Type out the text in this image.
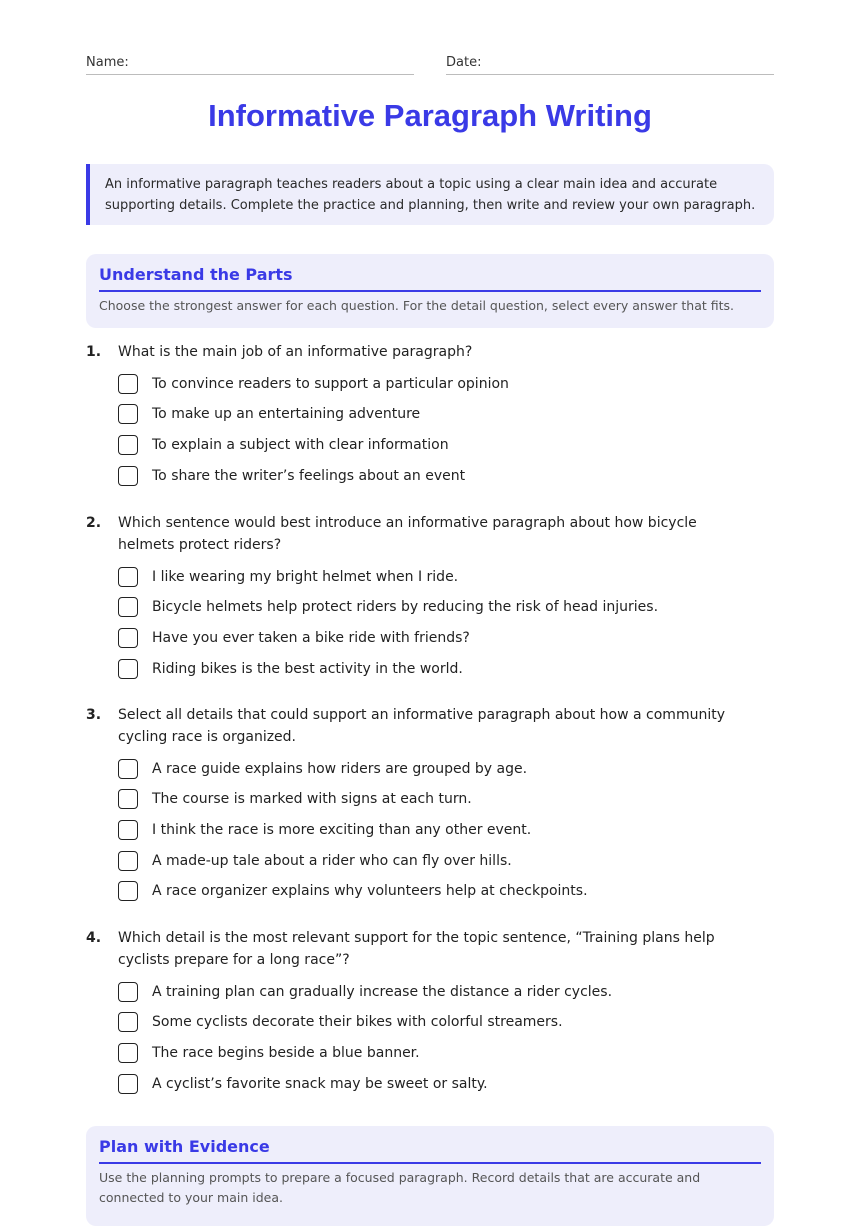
Name:	Date:
Informative Paragraph Writing
An informative paragraph teaches readers about a topic using a clear main idea and accurate supporting details. Complete the practice and planning, then write and review your own paragraph.
Understand the Parts
Choose the strongest answer for each question. For the detail question, select every answer that fits.
1.	What is the main job of an informative paragraph?
To convince readers to support a particular opinion
To make up an entertaining adventure
To explain a subject with clear information
To share the writer’s feelings about an event
2.	Which sentence would best introduce an informative paragraph about how bicycle helmets protect riders?
I like wearing my bright helmet when I ride.
Bicycle helmets help protect riders by reducing the risk of head injuries.
Have you ever taken a bike ride with friends?
Riding bikes is the best activity in the world.
3.	Select all details that could support an informative paragraph about how a community cycling race is organized.
A race guide explains how riders are grouped by age.
The course is marked with signs at each turn.
I think the race is more exciting than any other event.
A made-up tale about a rider who can fly over hills.
A race organizer explains why volunteers help at checkpoints.
4.	Which detail is the most relevant support for the topic sentence, “Training plans help cyclists prepare for a long race”?
A training plan can gradually increase the distance a rider cycles.
Some cyclists decorate their bikes with colorful streamers.
The race begins beside a blue banner.
A cyclist’s favorite snack may be sweet or salty.
Plan with Evidence
Use the planning prompts to prepare a focused paragraph. Record details that are accurate and connected to your main idea.
